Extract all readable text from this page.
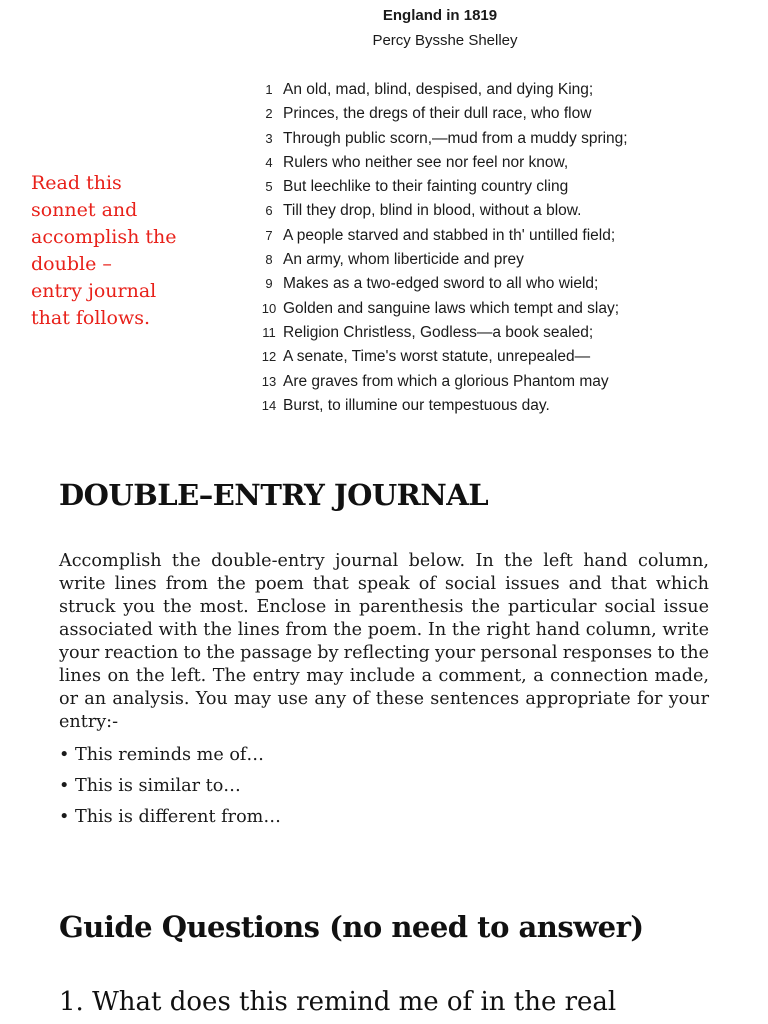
England in 1819
Percy Bysshe Shelley
1 An old, mad, blind, despised, and dying King;
2 Princes, the dregs of their dull race, who flow
3 Through public scorn,—mud from a muddy spring;
4 Rulers who neither see nor feel nor know,
5 But leechlike to their fainting country cling
6 Till they drop, blind in blood, without a blow.
7 A people starved and stabbed in th' untilled field;
8 An army, whom liberticide and prey
9 Makes as a two-edged sword to all who wield;
10 Golden and sanguine laws which tempt and slay;
11 Religion Christless, Godless—a book sealed;
12 A senate, Time's worst statute, unrepealed—
13 Are graves from which a glorious Phantom may
14 Burst, to illumine our tempestuous day.
Read this
sonnet and
accomplish the
double –
entry journal
that follows.
DOUBLE–ENTRY JOURNAL

Accomplish the double-entry journal below. In the left hand column, write lines from the poem that speak of social issues and that which struck you the most. Enclose in parenthesis the particular social issue associated with the lines from the poem. In the right hand column, write your reaction to the passage by reflecting your personal responses to the lines on the left. The entry may include a comment, a connection made, or an analysis. You may use any of these sentences appropriate for your entry:-

• This reminds me of…
• This is similar to…
• This is different from…
Guide Questions (no need to answer)

1. What does this remind me of in the real
